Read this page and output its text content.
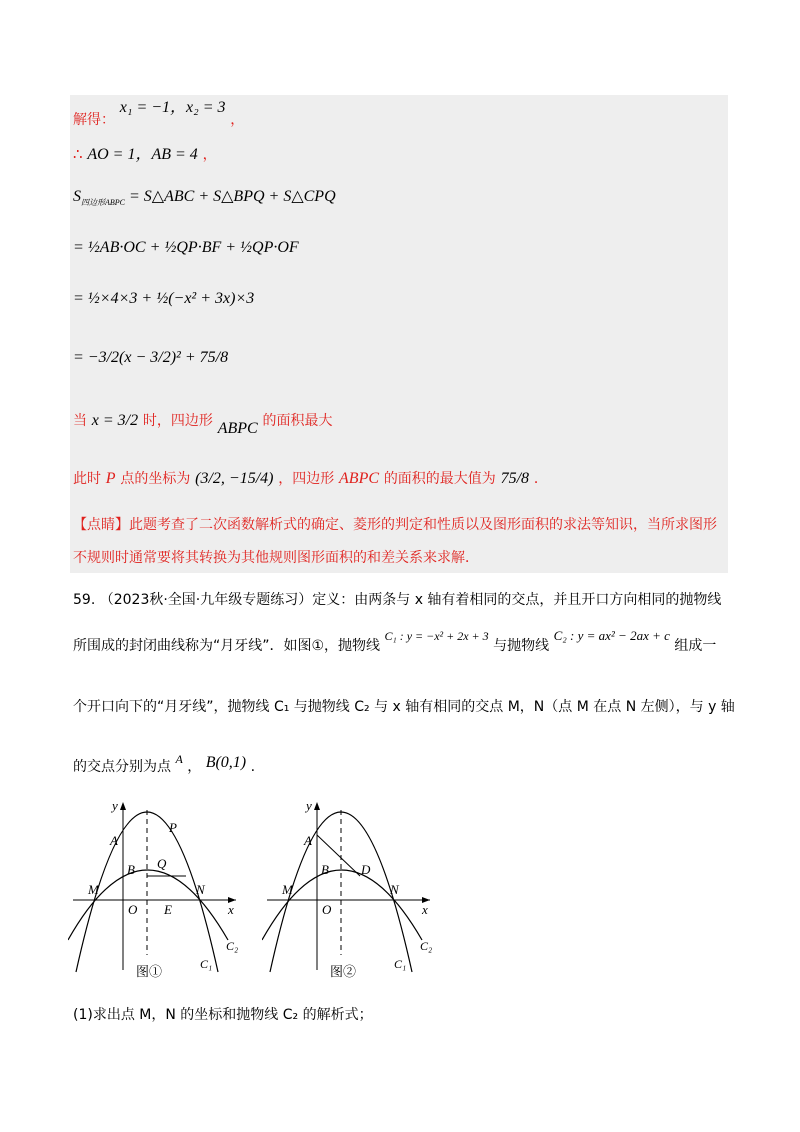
解得： x₁ = −1，x₂ = 3 ，
∴ AO = 1，AB = 4 ，
$S_{四边形ABPC}$ = S△ABC + S△BPQ + S△CPQ
= ½AB·OC + ½QP·BF + ½QP·OF
= ½×4×3 + ½(−x² + 3x)×3
= −3/2(x − 3/2)² + 75/8
当 x = 3/2 时，四边形 ABPC 的面积最大
此时 P 点的坐标为 (3/2, −15/4) ，四边形 ABPC 的面积的最大值为 75/8 ．
【点睛】此题考查了二次函数解析式的确定、菱形的判定和性质以及图形面积的求法等知识，当所求图形
不规则时通常要将其转换为其他规则图形面积的和差关系来求解．
59. （2023秋·全国·九年级专题练习）定义：由两条与 x 轴有着相同的交点，并且开口方向相同的抛物线
所围成的封闭曲线称为“月牙线”．如图①，抛物线 C₁ : y = −x² + 2x + 3 与抛物线 C₂ : y = ax² − 2ax + c 组成一
个开口向下的“月牙线”，抛物线 C₁ 与抛物线 C₂ 与 x 轴有相同的交点 M，N（点 M 在点 N 左侧），与 y 轴
的交点分别为点 A ， B(0,1) .
y
A
P
B Q
M
O E
N
x
C₂
C₁
图①
y
A
B D
M
O
N
x
C₂
C₁
图②
(1)求出点 M，N 的坐标和抛物线 C₂ 的解析式；
